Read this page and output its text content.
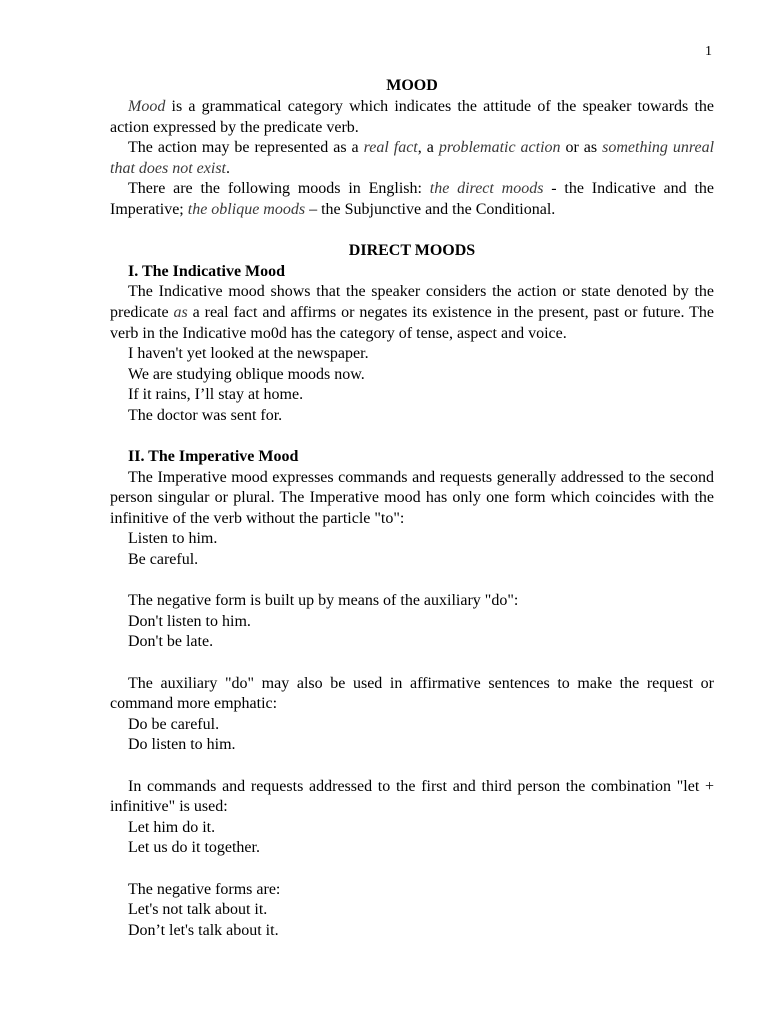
1
MOOD

Mood is a grammatical category which indicates the attitude of the speaker towards the action expressed by the predicate verb.

The action may be represented as a real fact, a problematic action or as something unreal that does not exist.

There are the following moods in English: the direct moods - the Indicative and the Imperative; the oblique moods – the Subjunctive and the Conditional.

DIRECT MOODS
I. The Indicative Mood

The Indicative mood shows that the speaker considers the action or state denoted by the predicate as a real fact and affirms or negates its existence in the present, past or future. The verb in the Indicative mo0d has the category of tense, aspect and voice.

I haven't yet looked at the newspaper.
We are studying oblique moods now.
If it rains, I’ll stay at home.
The doctor was sent for.
II. The Imperative Mood

The Imperative mood expresses commands and requests generally addressed to the second person singular or plural. The Imperative mood has only one form which coincides with the infinitive of the verb without the particle "to":

Listen to him.
Be careful.

The negative form is built up by means of the auxiliary "do":

Don't listen to him.
Don't be late.

The auxiliary "do" may also be used in affirmative sentences to make the request or command more emphatic:

Do be careful.
Do listen to him.

In commands and requests addressed to the first and third person the combination "let + infinitive" is used:

Let him do it.
Let us do it together.

The negative forms are:

Let's not talk about it.
Don’t let's talk about it.
